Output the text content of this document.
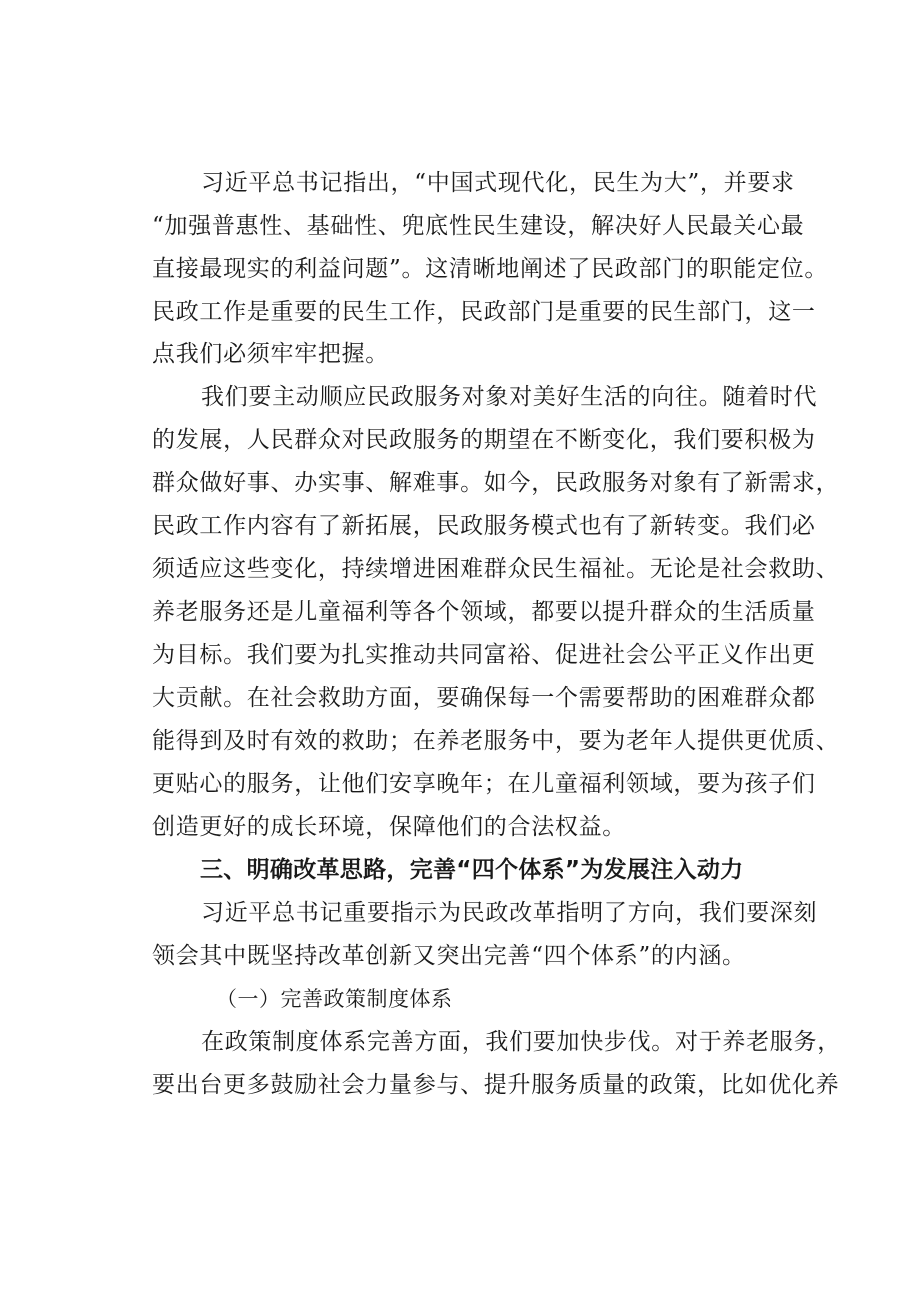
习近平总书记指出，“中国式现代化，民生为大”，并要求
“加强普惠性、基础性、兜底性民生建设，解决好人民最关心最
直接最现实的利益问题”。这清晰地阐述了民政部门的职能定位。
民政工作是重要的民生工作，民政部门是重要的民生部门，这一
点我们必须牢牢把握。
我们要主动顺应民政服务对象对美好生活的向往。随着时代
的发展，人民群众对民政服务的期望在不断变化，我们要积极为
群众做好事、办实事、解难事。如今，民政服务对象有了新需求，
民政工作内容有了新拓展，民政服务模式也有了新转变。我们必
须适应这些变化，持续增进困难群众民生福祉。无论是社会救助、
养老服务还是儿童福利等各个领域，都要以提升群众的生活质量
为目标。我们要为扎实推动共同富裕、促进社会公平正义作出更
大贡献。在社会救助方面，要确保每一个需要帮助的困难群众都
能得到及时有效的救助；在养老服务中，要为老年人提供更优质、
更贴心的服务，让他们安享晚年；在儿童福利领域，要为孩子们
创造更好的成长环境，保障他们的合法权益。
三、明确改革思路，完善“四个体系”为发展注入动力
习近平总书记重要指示为民政改革指明了方向，我们要深刻
领会其中既坚持改革创新又突出完善“四个体系”的内涵。
（一）完善政策制度体系
在政策制度体系完善方面，我们要加快步伐。对于养老服务，
要出台更多鼓励社会力量参与、提升服务质量的政策，比如优化养
